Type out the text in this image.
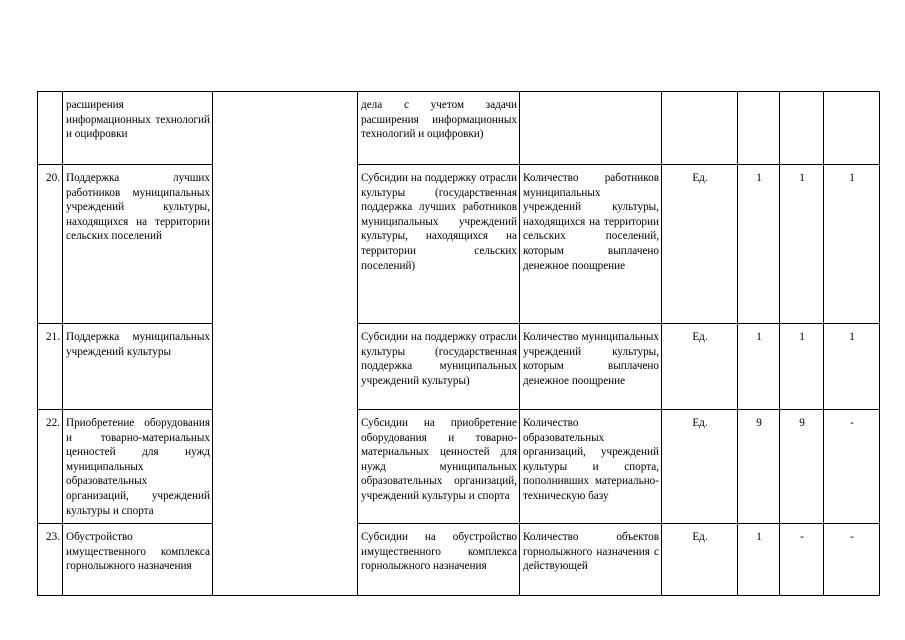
	расширения информационных технологий и оцифровки		дела с учетом задачи расширения информационных технологий и оцифровки)					
20.	Поддержка лучших работников муниципальных учреждений культуры, находящихся на территории сельских поселений		Субсидии на поддержку отрасли культуры (государственная поддержка лучших работников муниципальных учреждений культуры, находящихся на территории сельских поселений)	Количество работников муниципальных учреждений культуры, находящихся на территории сельских поселений, которым выплачено денежное поощрение	Ед.	1	1	1
21.	Поддержка муниципальных учреждений культуры		Субсидии на поддержку отрасли культуры (государственная поддержка муниципальных учреждений культуры)	Количество муниципальных учреждений культуры, которым выплачено денежное поощрение	Ед.	1	1	1
22.	Приобретение оборудования и товарно-материальных ценностей для нужд муниципальных образовательных организаций, учреждений культуры и спорта		Субсидии на приобретение оборудования и товарно-материальных ценностей для нужд муниципальных образовательных организаций, учреждений культуры и спорта	Количество образовательных организаций, учреждений культуры и спорта, пополнивших материально-техническую базу	Ед.	9	9	-
23.	Обустройство имущественного комплекса горнолыжного назначения		Субсидии на обустройство имущественного комплекса горнолыжного назначения	Количество объектов горнолыжного назначения с действующей	Ед.	1	-	-
